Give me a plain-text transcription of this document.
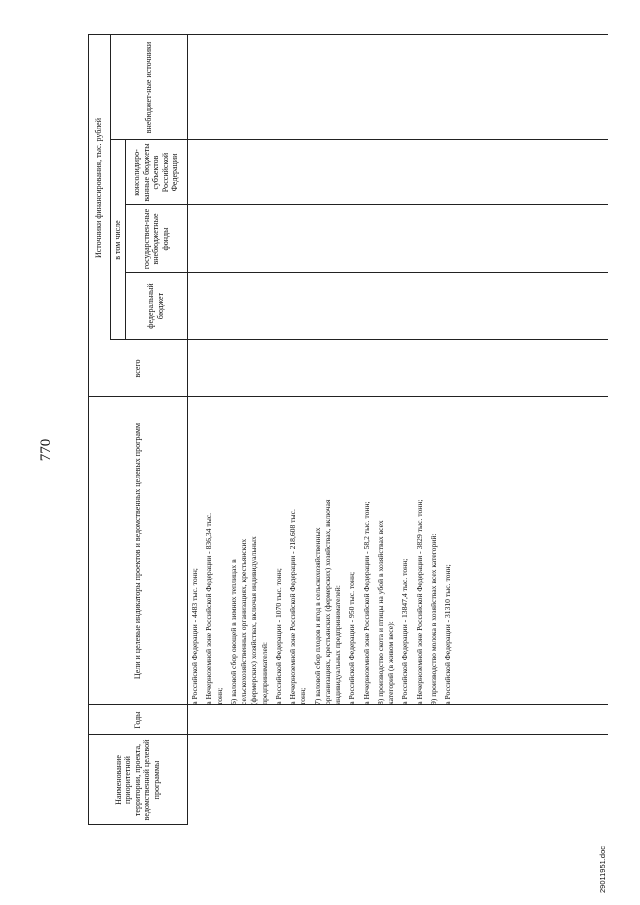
770
Наименование приоритетной территории, проекта, ведомственной целевой программы
Годы
Цели и целевые индикаторы проектов и ведомственных целевых программ
всего
Источники финансирования, тыс. рублей	в том числе
федеральный бюджет
государствен-ные внебюджетные фонды
консолидиро-ванные бюджеты субъектов Российской Федерации
внебюджет-ные источники

в Российской Федерации - 4483 тыс. тонн; в Нечерноземной зоне Российской Федерации - 836,34 тыс. тонн; 6) валовой сбор овощей в зимних теплицах в сельскохозяйственных организациях, крестьянских (фермерских) хозяйствах, включая индивидуальных предпринимателей: в Российской Федерации - 1070 тыс. тонн; в Нечерноземной зоне Российской Федерации - 218,608 тыс. тонн; 7) валовой сбор плодов и ягод в сельскохозяйственных организациях, крестьянских (фермерских) хозяйствах, включая индивидуальных предпринимателей: в Российской Федерации - 950 тыс. тонн; в Нечерноземной зоне Российской Федерации - 58,2 тыс. тонн; 8) производство скота и птицы на убой в хозяйствах всех категорий (в живом весе): в Российской Федерации - 13847,4 тыс. тонн; в Нечерноземной зоне Российской Федерации - 3829 тыс. тонн; 9) производство молока в хозяйствах всех категорий: в Российской Федерации - 31310 тыс. тонн;

29011951.doc
